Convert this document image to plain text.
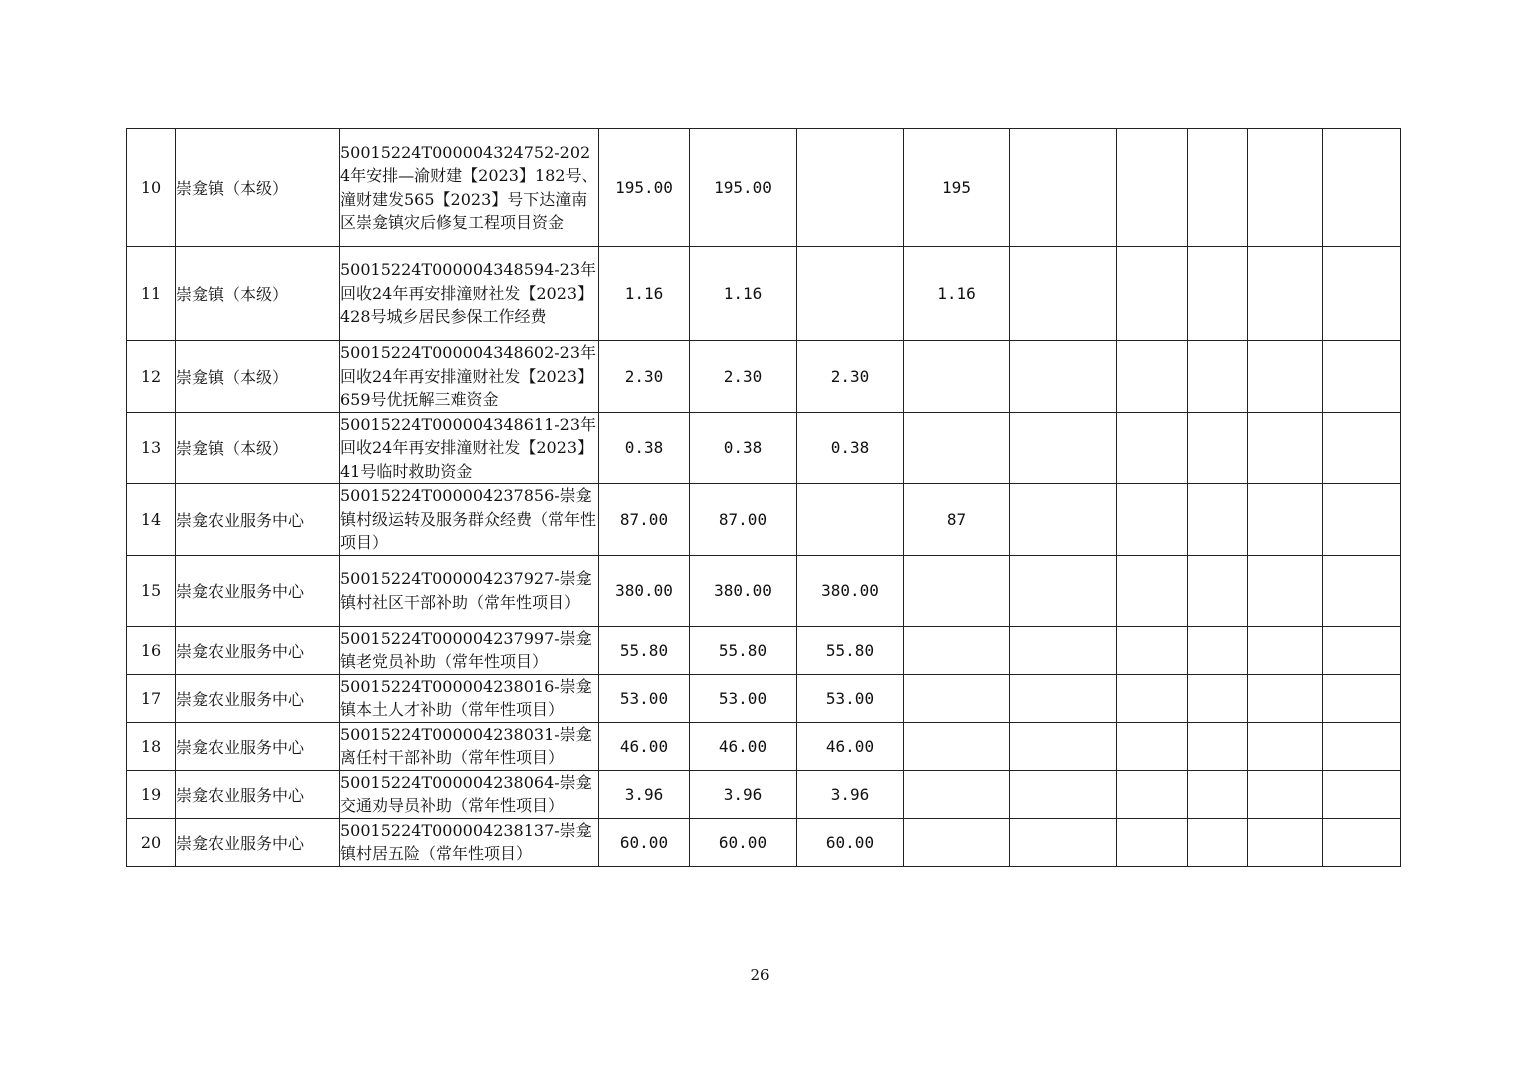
10	崇龛镇（本级）	50015224T000004324752-2024年安排—渝财建【2023】182号、潼财建发565【2023】号下达潼南区崇龛镇灾后修复工程项目资金	195.00	195.00		195					
11	崇龛镇（本级）	50015224T000004348594-23年回收24年再安排潼财社发【2023】428号城乡居民参保工作经费	1.16	1.16		1.16					
12	崇龛镇（本级）	50015224T000004348602-23年回收24年再安排潼财社发【2023】659号优抚解三难资金	2.30	2.30	2.30						
13	崇龛镇（本级）	50015224T000004348611-23年回收24年再安排潼财社发【2023】41号临时救助资金	0.38	0.38	0.38						
14	崇龛农业服务中心	50015224T000004237856-崇龛镇村级运转及服务群众经费（常年性项目）	87.00	87.00		87					
15	崇龛农业服务中心	50015224T000004237927-崇龛镇村社区干部补助（常年性项目）	380.00	380.00	380.00						
16	崇龛农业服务中心	50015224T000004237997-崇龛镇老党员补助（常年性项目）	55.80	55.80	55.80						
17	崇龛农业服务中心	50015224T000004238016-崇龛镇本土人才补助（常年性项目）	53.00	53.00	53.00						
18	崇龛农业服务中心	50015224T000004238031-崇龛离任村干部补助（常年性项目）	46.00	46.00	46.00						
19	崇龛农业服务中心	50015224T000004238064-崇龛交通劝导员补助（常年性项目）	3.96	3.96	3.96						
20	崇龛农业服务中心	50015224T000004238137-崇龛镇村居五险（常年性项目）	60.00	60.00	60.00						
26
